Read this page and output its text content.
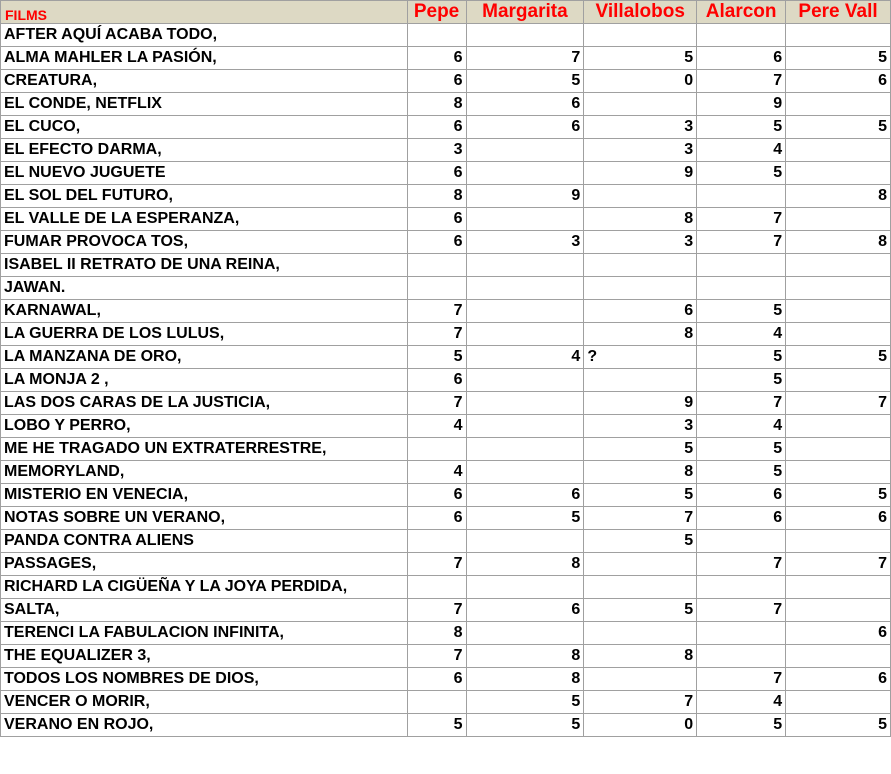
FILMS	Pepe	Margarita	Villalobos	Alarcon	Pere Vall
AFTER AQUÍ ACABA TODO,					
ALMA MAHLER LA PASIÓN,	6	7	5	6	5
CREATURA,	6	5	0	7	6
EL CONDE, NETFLIX	8	6		9	
EL CUCO,	6	6	3	5	5
EL EFECTO DARMA,	3		3	4	
EL NUEVO JUGUETE	6		9	5	
EL SOL DEL FUTURO,	8	9			8
EL VALLE DE LA ESPERANZA,	6		8	7	
FUMAR PROVOCA TOS,	6	3	3	7	8
ISABEL II RETRATO DE UNA REINA,					
JAWAN.					
KARNAWAL,	7		6	5	
LA GUERRA DE LOS LULUS,	7		8	4	
LA MANZANA DE ORO,	5	4	?	5	5
LA MONJA 2 ,	6			5	
LAS DOS CARAS DE LA JUSTICIA,	7		9	7	7
LOBO Y PERRO,	4		3	4	
ME HE TRAGADO UN EXTRATERRESTRE,			5	5	
MEMORYLAND,	4		8	5	
MISTERIO EN VENECIA,	6	6	5	6	5
NOTAS SOBRE UN VERANO,	6	5	7	6	6
PANDA CONTRA ALIENS			5		
PASSAGES,	7	8		7	7
RICHARD LA CIGÜEÑA Y LA JOYA PERDIDA,					
SALTA,	7	6	5	7	
TERENCI LA FABULACION INFINITA,	8				6
THE EQUALIZER 3,	7	8	8		
TODOS LOS NOMBRES DE DIOS,	6	8		7	6
VENCER O MORIR,		5	7	4	
VERANO EN ROJO,	5	5	0	5	5
